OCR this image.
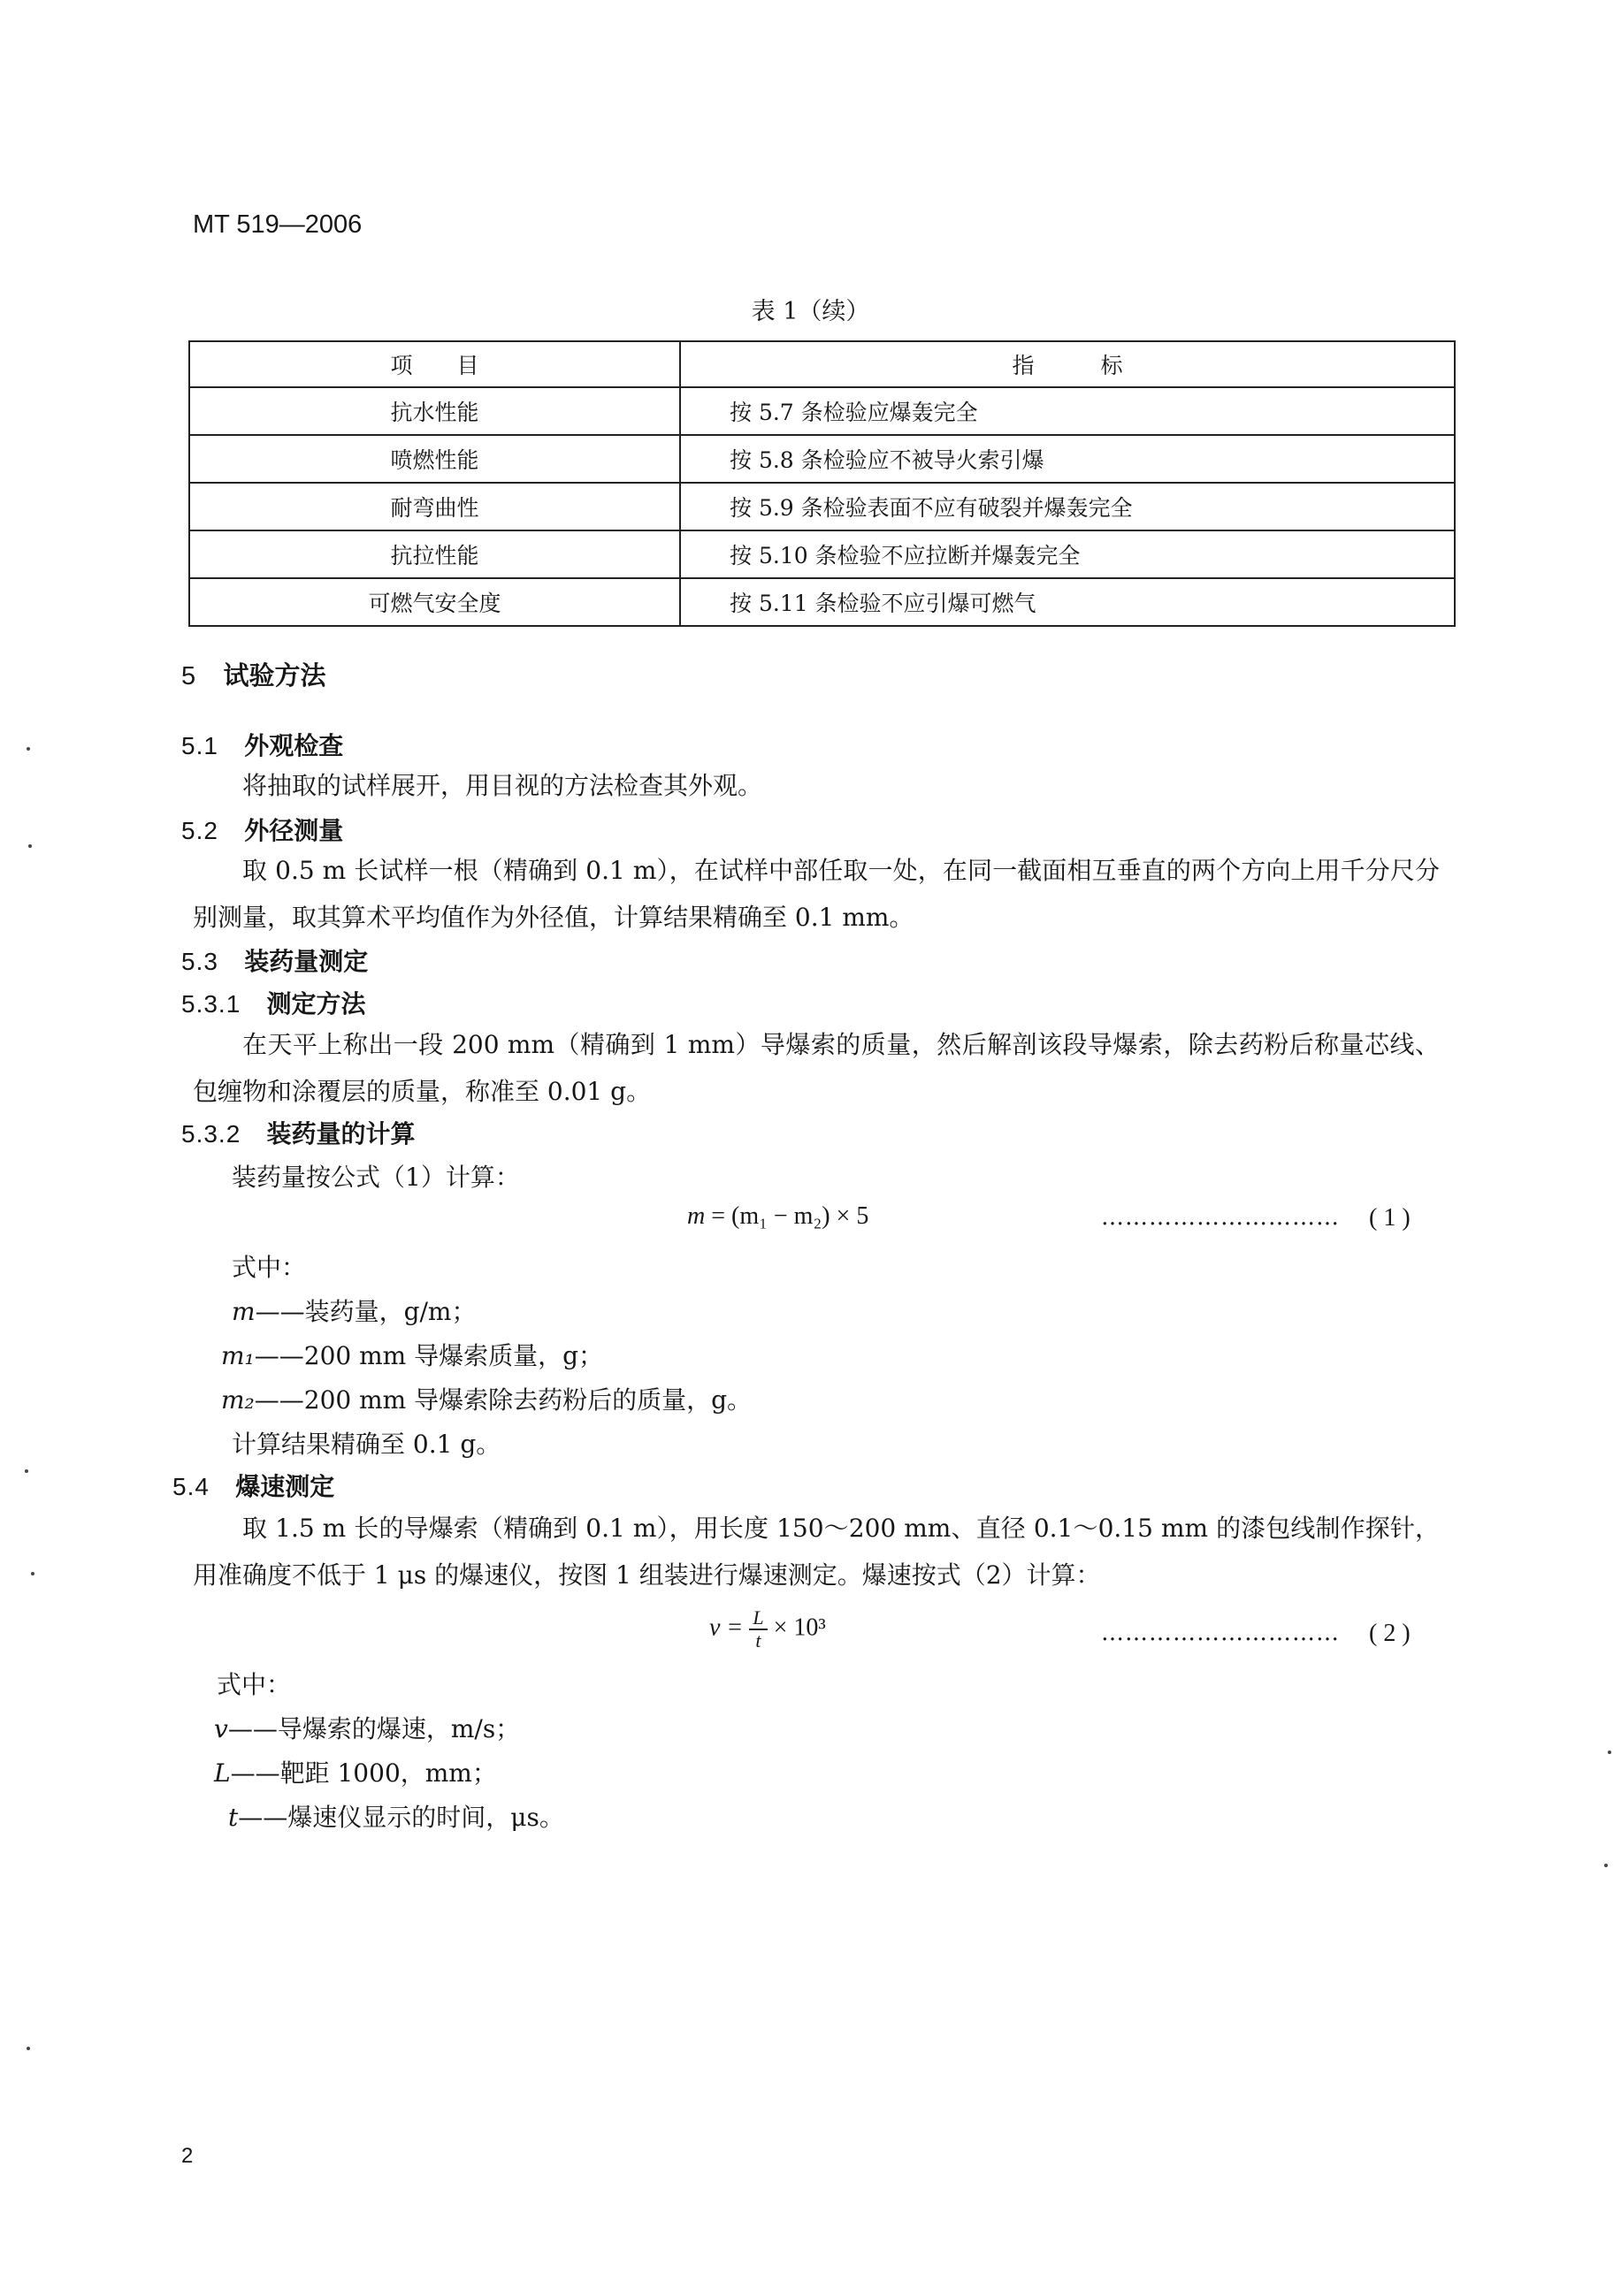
MT 519—2006
表 1（续）
项　　目	指　　　标
抗水性能	按 5.7 条检验应爆轰完全
喷燃性能	按 5.8 条检验应不被导火索引爆
耐弯曲性	按 5.9 条检验表面不应有破裂并爆轰完全
抗拉性能	按 5.10 条检验不应拉断并爆轰完全
可燃气安全度	按 5.11 条检验不应引爆可燃气
5 试验方法
5.1 外观检查
将抽取的试样展开，用目视的方法检查其外观。
5.2 外径测量
取 0.5 m 长试样一根（精确到 0.1 m），在试样中部任取一处，在同一截面相互垂直的两个方向上用千分尺分别测量，取其算术平均值作为外径值，计算结果精确至 0.1 mm。
5.3 装药量测定
5.3.1 测定方法
在天平上称出一段 200 mm（精确到 1 mm）导爆索的质量，然后解剖该段导爆索，除去药粉后称量芯线、包缠物和涂覆层的质量，称准至 0.01 g。
5.3.2 装药量的计算
装药量按公式（1）计算：
m = (m₁ − m₂) × 5	………………………… ( 1 )
式中：
m——装药量，g/m；
m₁——200 mm 导爆索质量，g；
m₂——200 mm 导爆索除去药粉后的质量，g。
计算结果精确至 0.1 g。
5.4 爆速测定
取 1.5 m 长的导爆索（精确到 0.1 m），用长度 150～200 mm、直径 0.1～0.15 mm 的漆包线制作探针，用准确度不低于 1 μs 的爆速仪，按图 1 组装进行爆速测定。爆速按式（2）计算：
$v = \frac{L}{t} \times 10^3$	………………………… ( 2 )
式中：
v——导爆索的爆速，m/s；
L——靶距 1000，mm；
t——爆速仪显示的时间，μs。
2
